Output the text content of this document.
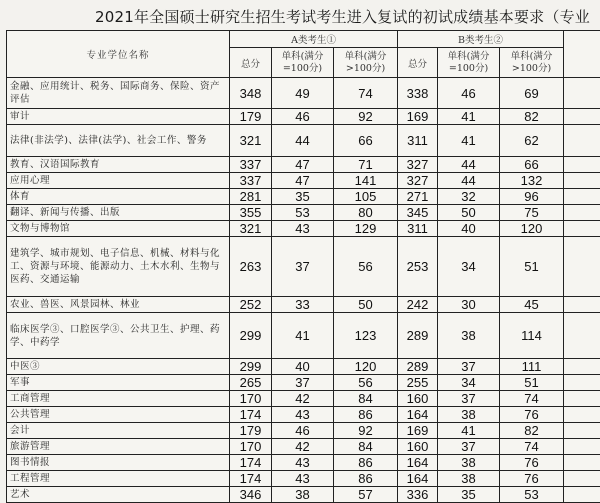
2021年全国硕士研究生招生考试考生进入复试的初试成绩基本要求（专业
专业学位名称	A类考生①			B类考生②			
	总分	单科(满分=100分)	单科(满分>100分)	总分	单科(满分=100分)	单科(满分>100分)	
金融、应用统计、税务、国际商务、保险、资产评估	348	49	74	338	46	69	
审计	179	46	92	169	41	82	
法律(非法学)、法律(法学)、社会工作、警务	321	44	66	311	41	62	
教育、汉语国际教育	337	47	71	327	44	66	
应用心理	337	47	141	327	44	132	
体育	281	35	105	271	32	96	
翻译、新闻与传播、出版	355	53	80	345	50	75	
文物与博物馆	321	43	129	311	40	120	
建筑学、城市规划、电子信息、机械、材料与化工、资源与环境、能源动力、土木水利、生物与医药、交通运输	263	37	56	253	34	51	
农业、兽医、风景园林、林业	252	33	50	242	30	45	
临床医学③、口腔医学③、公共卫生、护理、药学、中药学	299	41	123	289	38	114	
中医③	299	40	120	289	37	111	
军事	265	37	56	255	34	51	
工商管理	170	42	84	160	37	74	
公共管理	174	43	86	164	38	76	
会计	179	46	92	169	41	82	
旅游管理	170	42	84	160	37	74	
图书情报	174	43	86	164	38	76	
工程管理	174	43	86	164	38	76	
艺术	346	38	57	336	35	53	
